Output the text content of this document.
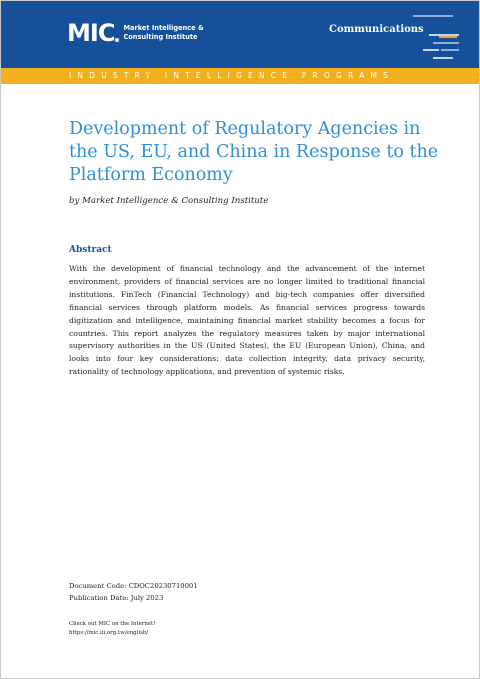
MIC Market Intelligence &
Consulting Institute
Communications
INDUSTRY INTELLIGENCE PROGRAMS
Development of Regulatory Agencies in the US, EU, and China in Response to the Platform Economy
by Market Intelligence & Consulting Institute
Abstract

With the development of financial technology and the advancement of the internet environment, providers of financial services are no longer limited to traditional financial institutions. FinTech (Financial Technology) and big-tech companies offer diversified financial services through platform models. As financial services progress towards digitization and intelligence, maintaining financial market stability becomes a focus for countries. This report analyzes the regulatory measures taken by major international supervisory authorities in the US (United States), the EU (European Union), China, and looks into four key considerations: data collection integrity, data privacy security, rationality of technology applications, and prevention of systemic risks.

Document Code: CDOC20230710001
Publication Date: July 2023
Check out MIC on the Internet!
https://mic.iii.org.tw/english/
